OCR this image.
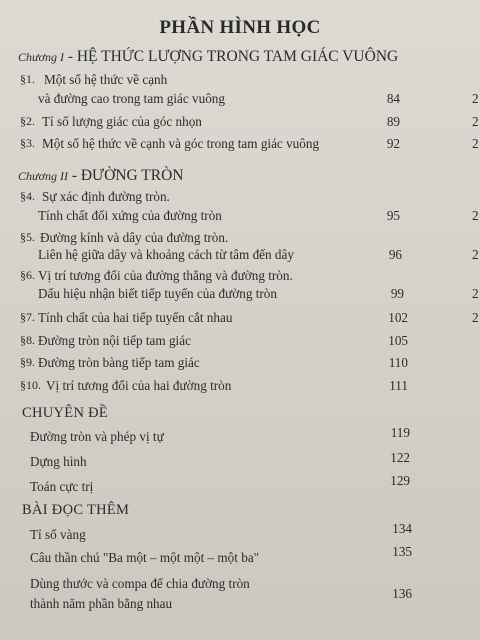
PHẦN HÌNH HỌC
Chương I - HỆ THỨC LƯỢNG TRONG TAM GIÁC VUÔNG
§1. Một số hệ thức về cạnh
và đường cao trong tam giác vuông	84	2
§2. Tỉ số lượng giác của góc nhọn	89	2
§3. Một số hệ thức về cạnh và góc trong tam giác vuông	92	2
Chương II - ĐƯỜNG TRÒN
§4. Sự xác định đường tròn.
Tính chất đối xứng của đường tròn	95	2
§5. Đường kính và dây của đường tròn.
Liên hệ giữa dây và khoảng cách từ tâm đến dây	96	2
§6. Vị trí tương đối của đường thẳng và đường tròn.
Dấu hiệu nhận biết tiếp tuyến của đường tròn	99	2
§7. Tính chất của hai tiếp tuyến cắt nhau	102	2
§8. Đường tròn nội tiếp tam giác	105
§9. Đường tròn bàng tiếp tam giác	110
§10. Vị trí tương đối của hai đường tròn	111
CHUYÊN ĐỀ
Đường tròn và phép vị tự	119
Dựng hình	122
Toán cực trị	129
BÀI ĐỌC THÊM
Tỉ số vàng	134
Câu thần chú "Ba một – một một – một ba"	135
Dùng thước và compa để chia đường tròn
thành năm phần bằng nhau
136
